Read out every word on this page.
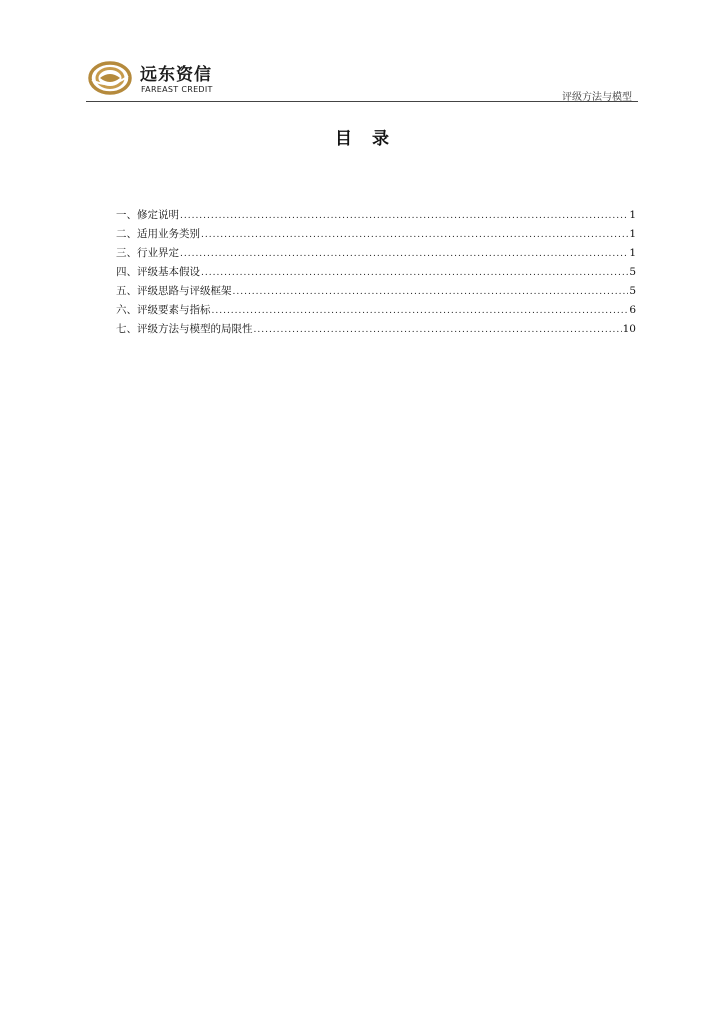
远东资信
FAREAST CREDIT
评级方法与模型
目录
一、修定说明 .....	1
二、适用业务类别 .....	1
三、行业界定 .....	1
四、评级基本假设 .....	5
五、评级思路与评级框架 .....	5
六、评级要素与指标 .....	6
七、评级方法与模型的局限性 .....	10
